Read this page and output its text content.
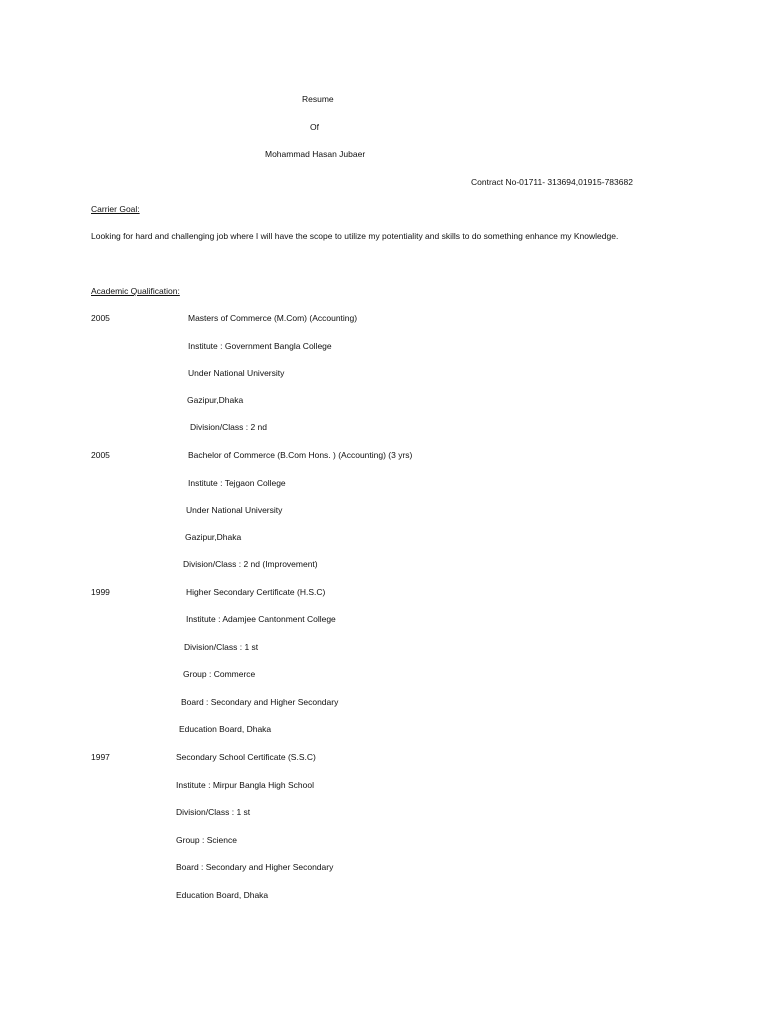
Resume
Of
Mohammad Hasan Jubaer
Contract No-01711- 313694,01915-783682
Carrier Goal:
Looking for hard and challenging job where I will have the scope to utilize my potentiality and skills to do something enhance my Knowledge.
Academic Qualification:
2005	Masters of Commerce (M.Com) (Accounting)
Institute : Government Bangla College
Under National University
Gazipur,Dhaka
Division/Class : 2 nd
2005	Bachelor of Commerce (B.Com Hons. ) (Accounting) (3 yrs)
Institute : Tejgaon College
Under National University
Gazipur,Dhaka
Division/Class : 2 nd (Improvement)
1999	Higher Secondary Certificate (H.S.C)
Institute : Adamjee Cantonment College
Division/Class : 1 st
Group : Commerce
Board : Secondary and Higher Secondary
Education Board, Dhaka
1997	Secondary School Certificate (S.S.C)
Institute : Mirpur Bangla High School
Division/Class : 1 st
Group : Science
Board : Secondary and Higher Secondary
Education Board, Dhaka
